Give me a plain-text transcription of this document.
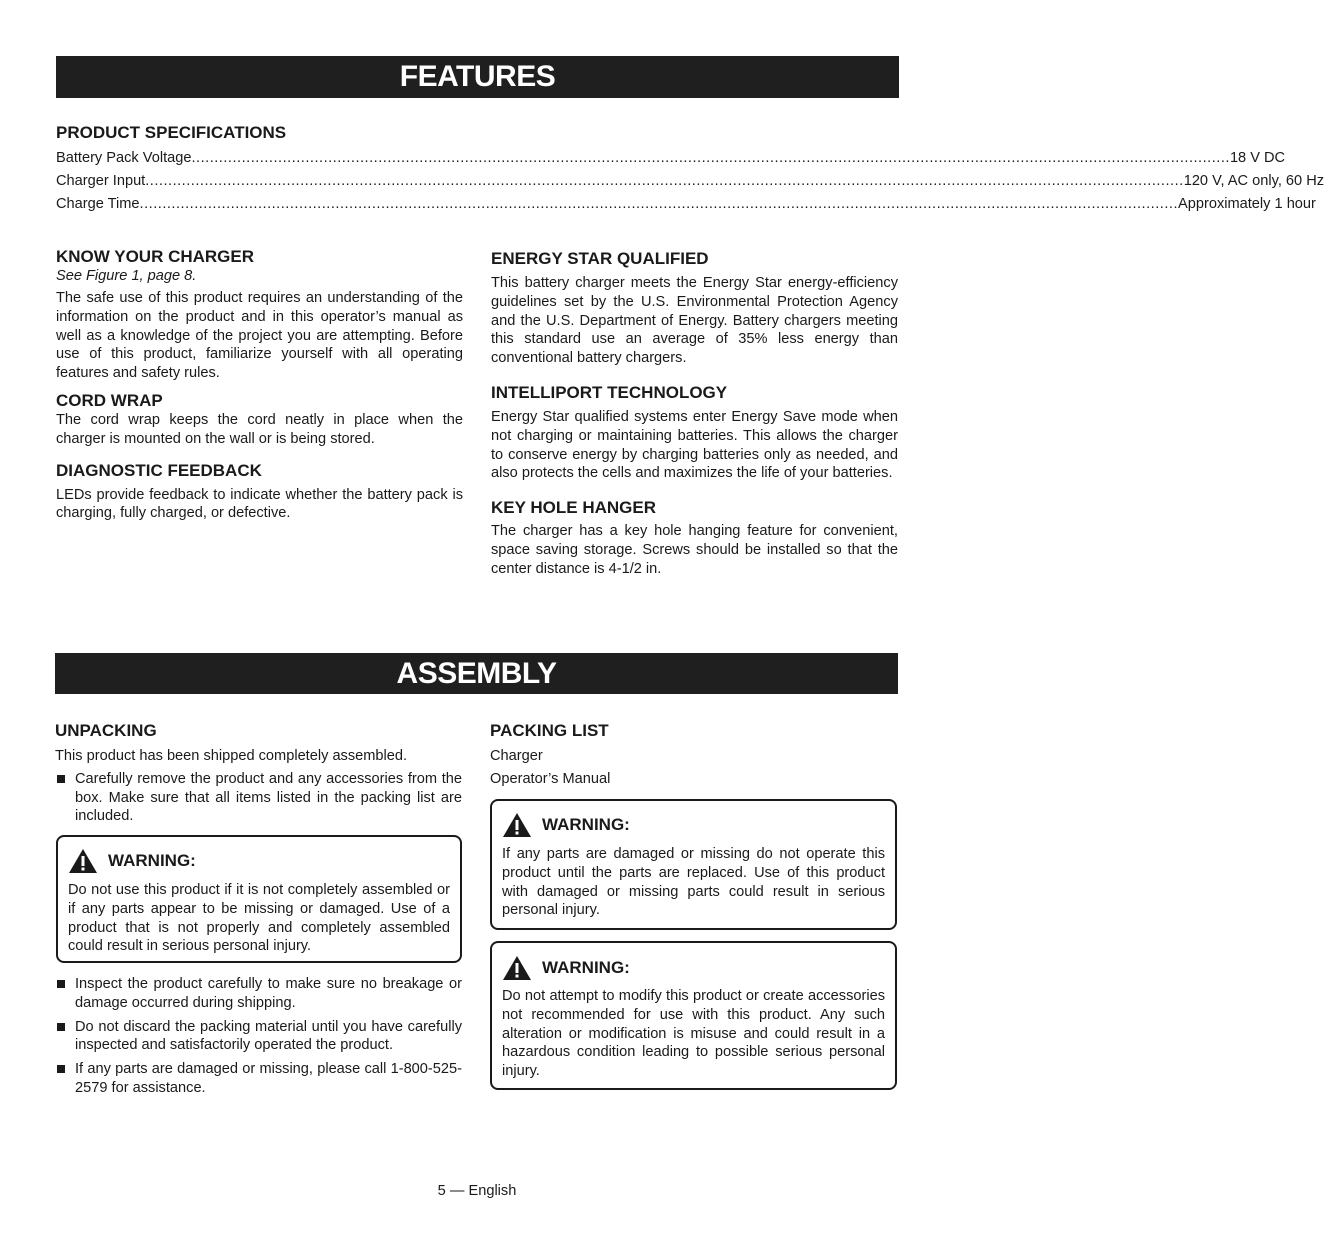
FEATURES
PRODUCT SPECIFICATIONS
Battery Pack Voltage .................................................................................................................................................................................................................................... 18 V DC
Charger Input .................................................................................................................................................................................................................................... 120 V, AC only, 60 Hz
Charge Time .................................................................................................................................................................................................................................... Approximately 1 hour
KNOW YOUR CHARGER

See Figure 1, page 8.

The safe use of this product requires an understanding of the information on the product and in this operator’s manual as well as a knowledge of the project you are attempting. Before use of this product, familiarize yourself with all operating features and safety rules.

CORD WRAP

The cord wrap keeps the cord neatly in place when the charger is mounted on the wall or is being stored.

DIAGNOSTIC FEEDBACK

LEDs provide feedback to indicate whether the battery pack is charging, fully charged, or defective.

ENERGY STAR QUALIFIED

This battery charger meets the Energy Star energy-efficiency guidelines set by the U.S. Environmental Protection Agency and the U.S. Department of Energy. Battery chargers meeting this standard use an average of 35% less energy than conventional battery chargers.

INTELLIPORT TECHNOLOGY

Energy Star qualified systems enter Energy Save mode when not charging or maintaining batteries. This allows the charger to conserve energy by charging batteries only as needed, and also protects the cells and maximizes the life of your batteries.

KEY HOLE HANGER

The charger has a key hole hanging feature for convenient, space saving storage. Screws should be installed so that the center distance is 4-1/2 in.

ASSEMBLY
UNPACKING

This product has been shipped completely assembled.

Carefully remove the product and any accessories from the box. Make sure that all items listed in the packing list are included.
WARNING:

Do not use this product if it is not completely assembled or if any parts appear to be missing or damaged. Use of a product that is not properly and completely assembled could result in serious personal injury.

Inspect the product carefully to make sure no breakage or damage occurred during shipping.
Do not discard the packing material until you have carefully inspected and satisfactorily operated the product.
If any parts are damaged or missing, please call 1-800-525-2579 for assistance.
PACKING LIST

Charger

Operator’s Manual

WARNING:

If any parts are damaged or missing do not operate this product until the parts are replaced. Use of this product with damaged or missing parts could result in serious personal injury.

WARNING:

Do not attempt to modify this product or create accessories not recommended for use with this product. Any such alteration or modification is misuse and could result in a hazardous condition leading to possible serious personal injury.

5 — English
